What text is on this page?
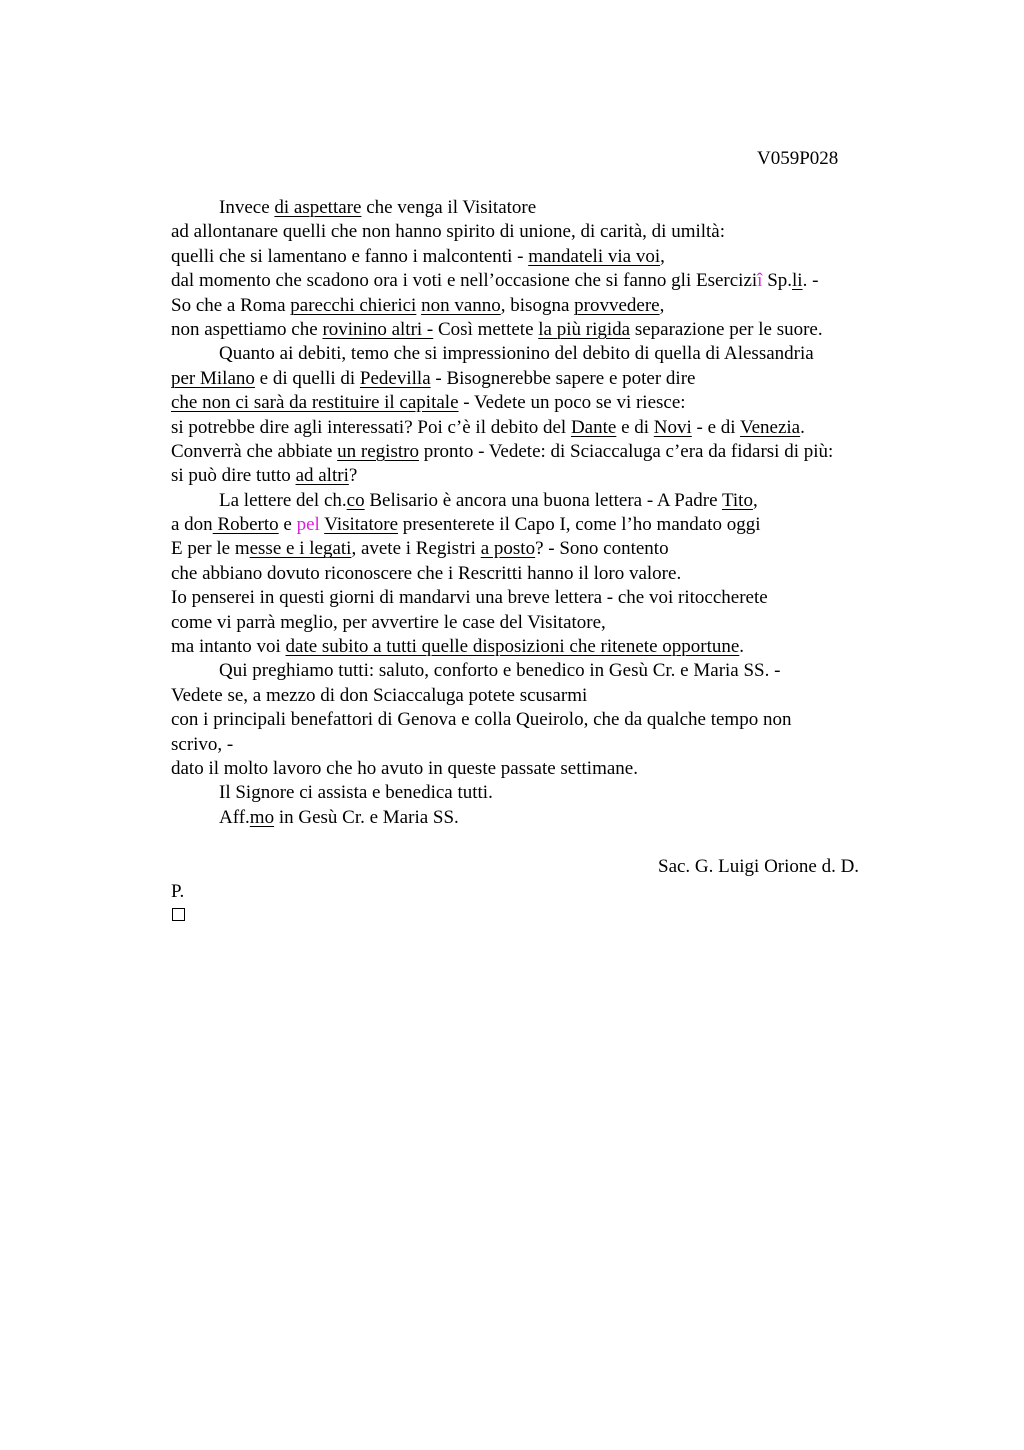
V059P028
Invece di aspettare che venga il Visitatore
ad allontanare quelli che non hanno spirito di unione, di carità, di umiltà:
quelli che si lamentano e fanno i malcontenti - mandateli via voi,
dal momento che scadono ora i voti e nell’occasione che si fanno gli Eserciziî Sp.li. -
So che a Roma parecchi chierici non vanno, bisogna provvedere,
non aspettiamo che rovinino altri - Così mettete la più rigida separazione per le suore.
Quanto ai debiti, temo che si impressionino del debito di quella di Alessandria
per Milano e di quelli di Pedevilla - Bisognerebbe sapere e poter dire
che non ci sarà da restituire il capitale - Vedete un poco se vi riesce:
si potrebbe dire agli interessati? Poi c’è il debito del Dante e di Novi - e di Venezia.
Converrà che abbiate un registro pronto - Vedete: di Sciaccaluga c’era da fidarsi di più:
si può dire tutto ad altri?
La lettere del ch.co Belisario è ancora una buona lettera - A Padre Tito,
a don Roberto e pel Visitatore presenterete il Capo I, come l’ho mandato oggi
E per le messe e i legati, avete i Registri a posto? - Sono contento
che abbiano dovuto riconoscere che i Rescritti hanno il loro valore.
Io penserei in questi giorni di mandarvi una breve lettera - che voi ritoccherete
come vi parrà meglio, per avvertire le case del Visitatore,
ma intanto voi date subito a tutti quelle disposizioni che ritenete opportune.
Qui preghiamo tutti: saluto, conforto e benedico in Gesù Cr. e Maria SS. -
Vedete se, a mezzo di don Sciaccaluga potete scusarmi
con i principali benefattori di Genova e colla Queirolo, che da qualche tempo non
scrivo, -
dato il molto lavoro che ho avuto in queste passate settimane.
Il Signore ci assista e benedica tutti.
Aff.mo in Gesù Cr. e Maria SS.
Sac. G. Luigi Orione d. D.
P.
